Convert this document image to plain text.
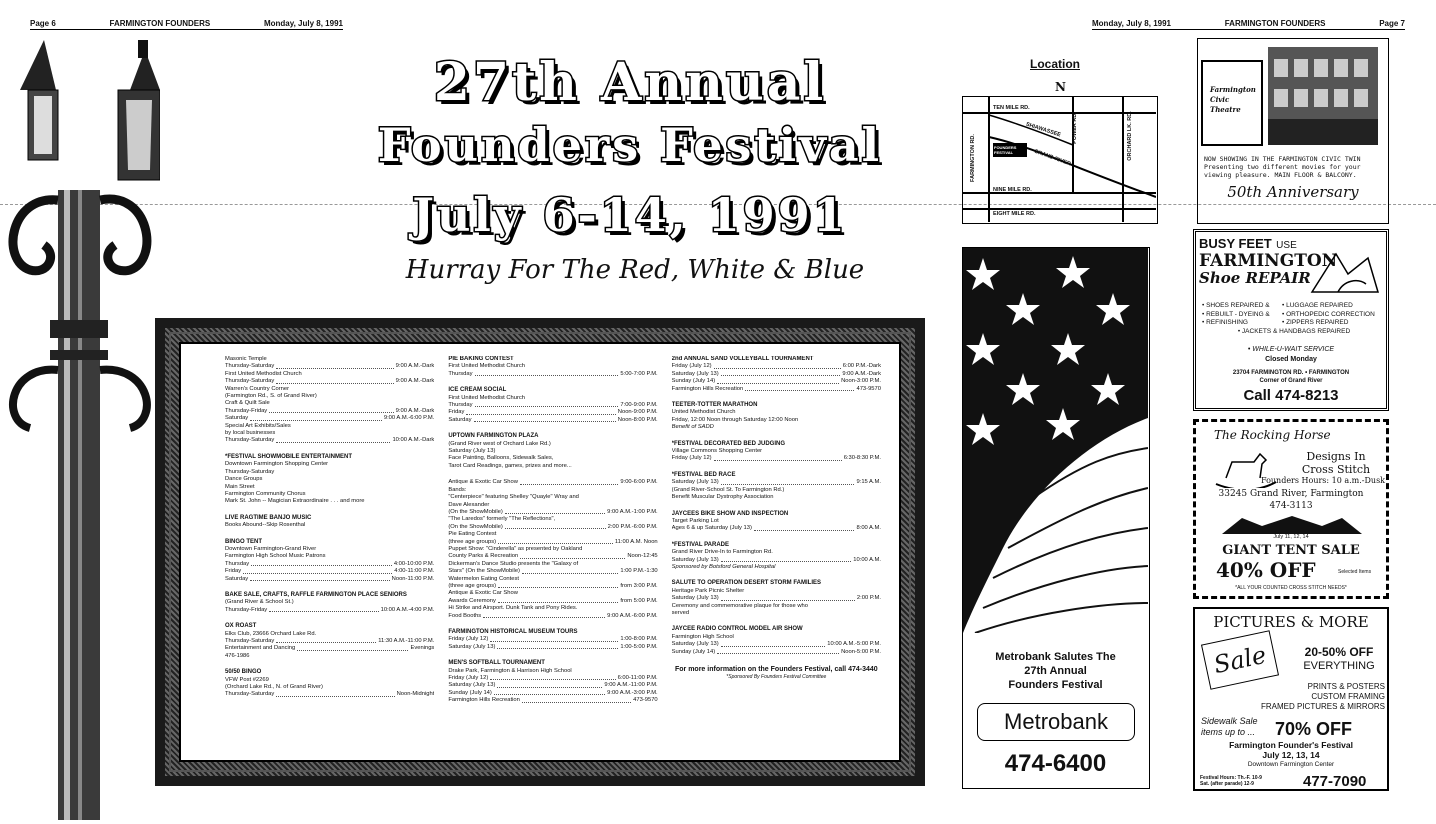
Page 6	FARMINGTON FOUNDERS	Monday, July 8, 1991	Monday, July 8, 1991	FARMINGTON FOUNDERS	Page 7
27th Annual
Founders Festival
July 6-14, 1991
Hurray For The Red, White & Blue
Masonic Temple
Thursday-Saturday	9:00 A.M.-Dark
First United Methodist Church
Thursday-Saturday	9:00 A.M.-Dark
Warren's Country Corner
(Farmington Rd., S. of Grand River)
Craft & Quilt Sale
Thursday-Friday	9:00 A.M.-Dark
Saturday	9:00 A.M.-6:00 P.M.
Special Art Exhibits/Sales
by local businesses
Thursday-Saturday	10:00 A.M.-Dark
*FESTIVAL SHOWMOBILE ENTERTAINMENT
Downtown Farmington Shopping Center
Thursday-Saturday
Dance Groups
Main Street
Farmington Community Chorus
Mark St. John -- Magician Extraordinaire . . . and more
LIVE RAGTIME BANJO MUSIC
Books Abound--Skip Rosenthal
BINGO TENT
Downtown Farmington-Grand River
Farmington High School Music Patrons
Thursday	4:00-10:00 P.M.
Friday	4:00-11:00 P.M.
Saturday	Noon-11:00 P.M.
BAKE SALE, CRAFTS, RAFFLE FARMINGTON PLACE SENIORS
(Grand River & School St.)
Thursday-Friday	10:00 A.M.-4:00 P.M.
OX ROAST
Elks Club, 23666 Orchard Lake Rd.
Thursday-Saturday	11:30 A.M.-11:00 P.M.
Entertainment and Dancing	Evenings
476-1986
50/50 BINGO
VFW Post #2269
(Orchard Lake Rd., N. of Grand River)
Thursday-Saturday	Noon-Midnight
PIE BAKING CONTEST
First United Methodist Church
Thursday	5:00-7:00 P.M.
ICE CREAM SOCIAL
First United Methodist Church
Thursday	7:00-9:00 P.M.
Friday	Noon-9:00 P.M.
Saturday	Noon-8:00 P.M.
UPTOWN FARMINGTON PLAZA
(Grand River west of Orchard Lake Rd.)
Saturday (July 13)
Face Painting, Balloons, Sidewalk Sales,
Tarot Card Readings, games, prizes and more...
Antique & Exotic Car Show	9:00-6:00 P.M.
Bands:
"Centerpiece" featuring Shelley "Quayle" Wray and
Dave Alexander
(On the ShowMobile)	9:00 A.M.-1:00 P.M.
"The Laredos" formerly "The Reflections",
(On the ShowMobile)	2:00 P.M.-6:00 P.M.
Pie Eating Contest
(three age groups)	11:00 A.M. Noon
Puppet Show: "Cinderella" as presented by Oakland
County Parks & Recreation	Noon-12:45
Dickerman's Dance Studio presents the "Galaxy of
Stars" (On the ShowMobile)	1:00 P.M.-1:30
Watermelon Eating Contest
(three age groups)	from 3:00 P.M.
Antique & Exotic Car Show
Awards Ceremony	from 5:00 P.M.
Hi Strike and Airsport. Dunk Tank and Pony Rides.
Food Booths	9:00 A.M.-6:00 P.M.
FARMINGTON HISTORICAL MUSEUM TOURS
Friday (July 12)	1:00-8:00 P.M.
Saturday (July 13)	1:00-5:00 P.M.
MEN'S SOFTBALL TOURNAMENT
Drake Park, Farmington & Harrison High School
Friday (July 12)	6:00-11:00 P.M.
Saturday (July 13)	9:00 A.M.-11:00 P.M.
Sunday (July 14)	9:00 A.M.-3:00 P.M.
Farmington Hills Recreation	473-9570
2nd ANNUAL SAND VOLLEYBALL TOURNAMENT
Friday (July 12)	6:00 P.M.-Dark
Saturday (July 13)	9:00 A.M.-Dark
Sunday (July 14)	Noon-3:00 P.M.
Farmington Hills Recreation	473-9570
TEETER-TOTTER MARATHON
United Methodist Church
Friday, 12:00 Noon through Saturday 12:00 Noon
Benefit of SADD
*FESTIVAL DECORATED BED JUDGING
Village Commons Shopping Center
Friday (July 12)	6:30-8:30 P.M.
*FESTIVAL BED RACE
Saturday (July 13)	9:15 A.M.
(Grand River-School St. To Farmington Rd.)
Benefit Muscular Dystrophy Association
JAYCEES BIKE SHOW AND INSPECTION
Target Parking Lot
Ages 6 & up Saturday (July 13)	8:00 A.M.
*FESTIVAL PARADE
Grand River Drive-In to Farmington Rd.
Saturday (July 13)	10:00 A.M.
Sponsored by Botsford General Hospital
SALUTE TO OPERATION DESERT STORM FAMILIES
Heritage Park Picnic Shelter
Saturday (July 13)	2:00 P.M.
Ceremony and commemorative plaque for those who
served
JAYCEE RADIO CONTROL MODEL AIR SHOW
Farmington High School
Saturday (July 13)	10:00 A.M.-5:00 P.M.
Sunday (July 14)	Noon-5:00 P.M.
For more information on the Founders Festival, call 474-3440
*Sponsored By Founders Festival Committee
Location
N
TEN MILE RD.
SHIAWASSEE
GRAND RIVER
POWER RD.	ORCHARD LK. RD.
FARMINGTON RD.
NINE MILE RD.
EIGHT MILE RD.
FOUNDERS FESTIVAL
Metrobank Salutes The
27th Annual
Founders Festival
Metrobank
474-6400
Farmington
Civic
Theatre
NOW SHOWING IN THE FARMINGTON CIVIC TWIN
Presenting two different movies for your
viewing pleasure. MAIN FLOOR & BALCONY.
50th Anniversary
BUSY FEET USE
FARMINGTON
Shoe REPAIR
• SHOES REPAIRED &
• REBUILT - DYEING &
• REFINISHING
• LUGGAGE REPAIRED
• ORTHOPEDIC CORRECTION
• ZIPPERS REPAIRED
• JACKETS & HANDBAGS REPAIRED
• WHILE-U-WAIT SERVICE
Closed Monday
23704 FARMINGTON RD. • FARMINGTON
Corner of Grand River
Call 474-8213
The Rocking Horse
Designs In
Cross Stitch
Founders Hours: 10 a.m.-Dusk
33245 Grand River, Farmington
474-3113
July 11, 12, 14
GIANT TENT SALE
40% OFF	Selected Items
*ALL YOUR COUNTED CROSS STITCH NEEDS*
PICTURES & MORE
Sale	20-50% OFF
EVERYTHING
PRINTS & POSTERS
CUSTOM FRAMING
FRAMED PICTURES & MIRRORS
Sidewalk Sale
items up to ... 70% OFF
Farmington Founder's Festival
July 12, 13, 14
Downtown Farmington Center
Festival Hours: Th.-F. 10-9
Sat. (after parade) 12-9	477-7090
